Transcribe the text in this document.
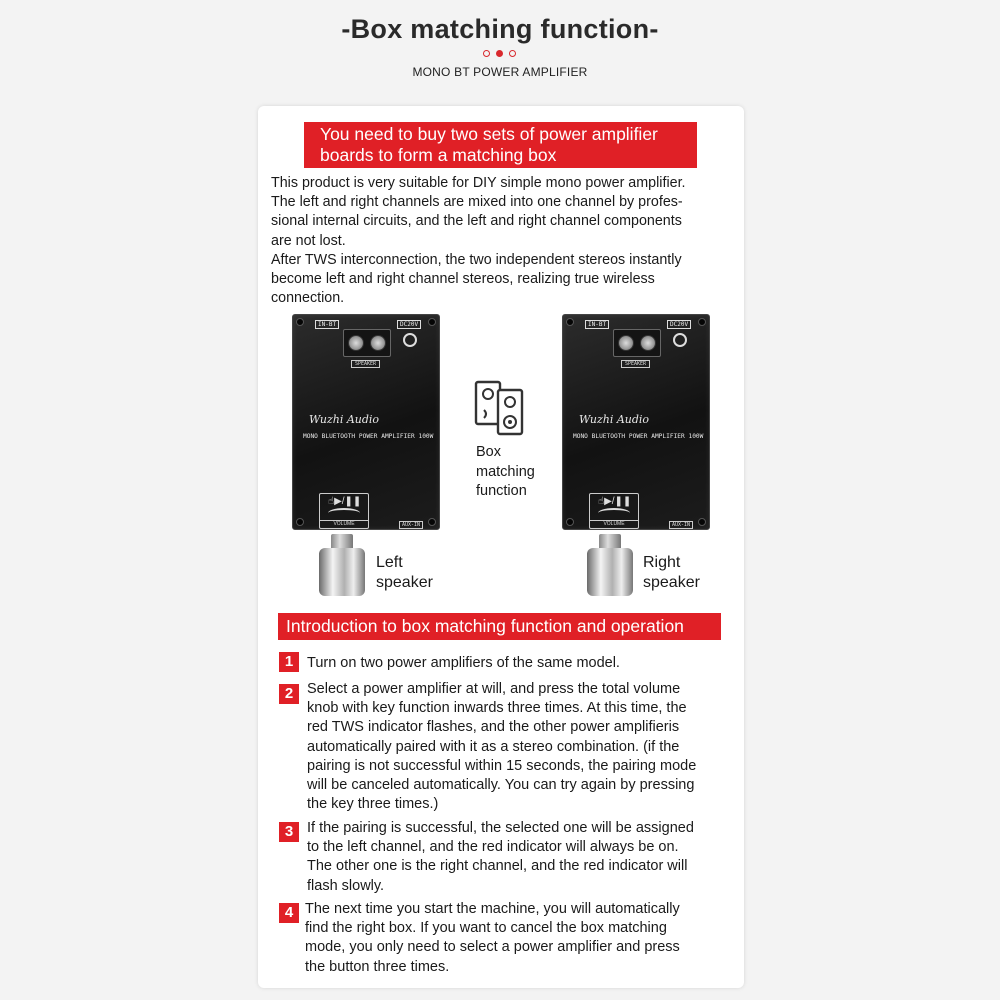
-Box matching function-
MONO BT POWER AMPLIFIER
You need to buy two sets of power amplifier
boards to form a matching box

This product is very suitable for DIY simple mono power amplifier.

The left and right channels are mixed into one channel by profes-

sional internal circuits, and the left and right channel components

are not lost.

After TWS interconnection, the two independent stereos instantly

become left and right channel stereos, realizing true wireless

connection.

IN-BT	DC20V
SPEAKER
Wuzhi Audio
MONO BLUETOOTH POWER AMPLIFIER 100W
☝▶/❚❚
VOLUME	AUX-IN
Left
speaker
Box
matching
function
IN-BT	DC20V
SPEAKER
Wuzhi Audio
MONO BLUETOOTH POWER AMPLIFIER 100W
☝▶/❚❚
VOLUME	AUX-IN
Right
speaker
Introduction to box matching function and operation
1 Turn on two power amplifiers of the same model.

2 Select a power amplifier at will, and press the total volume

knob with key function inwards three times. At this time, the

red TWS indicator flashes, and the other power amplifieris

automatically paired with it as a stereo combination. (if the

pairing is not successful within 15 seconds, the pairing mode

will be canceled automatically. You can try again by pressing

the key three times.)

3 If the pairing is successful, the selected one will be assigned

to the left channel, and the red indicator will always be on.

The other one is the right channel, and the red indicator will

flash slowly.

4 The next time you start the machine, you will automatically

find the right box. If you want to cancel the box matching

mode, you only need to select a power amplifier and press

the button three times.
